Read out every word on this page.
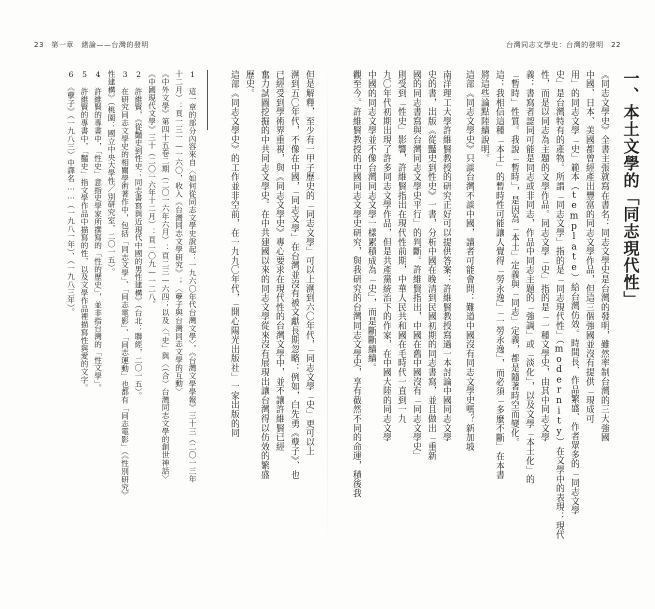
23　第一章　緒論——台灣的發明	台灣同志文學史：台灣的發明　22
一、本土文學的「同志現代性」
《同志文學史》全書主張就寫在書名：同志文學史是台灣的發明，雖然率制台灣的三大強國
中國、日本、美國都曾經產出豐富的同志文學作品，但這三個強國並沒有提供「現成可
用」的同志文學「史」範本（template）給台灣仿效。時間長、作品繁盛、作者眾多的「同志文學
史」是台灣特有的產物。所謂「同志文學」指的是「同志現代性」（modernity）在文學中的表現：現代
性，而是以同志為主題的文學作品。同志文學「史」指的是「一種文學史，由其中同志文學
義：書寫者認同可能是同志或非同志，作品中同志主題的「強調」或「淡化」，以及文學「本土化」的
「暫時」性質。我說「暫時」，是因為「本土」定義與「同志」定義，都是隨著時空而變化。
這：我相信這種「本土」的暫時性可能讓人覺得「勞永逸」「一勞永逸」，而必須「多麼不斷」在本書
將這些論點陸續說明。
這部《同志文學史》只談台灣不談中國，讀者可能會問：難道中國沒有同志文學史嗎？新加坡
南洋理工大學許維賢教授的研究正好可以提供答案：許維賢教授寫過一本討論中國同志文學
史的書，出版《從豔史到性史》一書，分析中國在晚清到民國初期的同志書寫，並且做出「重新
國的同志書寫與台灣同志文學史平行」的判斷。許維賢指出，中國在舊中國沒有「同志文學史」
則受到「性史」影響，許維賢指出在現代性前期，中華人民共和國在毛時代一直到一九
九〇年代初期出現了許多同志文學作品，但是共產黨統治下的作家，在中國大陸的同志文學
中國的同志文學並不像台灣同志文學一樣累積成為「史」，而是斷斷續續。
觀至今。許維賢教授的中國同志文學史研究，與我研究的台灣同志文學史，享有截然不同的命運，積後我
但是解釋，至少有一甲子歷史的「同志文學」可以上溯到六〇年代，「同志文學「史」更可以上
溯到五〇年代，不像在中國，「同志文學」在台灣並沒有被文獻長期忽略：例如，白先勇《孽子》、也
已經受到學術界重視，與《同志文學史》專心要求在現代性的台灣文學中，並不讓許維賢已經
奮力試圖挖掘的中共同志文學史。在中共建國以來的同志文學從來沒有展現出讓台灣得以仿效的繁盛
歷史。
這部《同志文學史》的工作並非空前，在一九九〇年代，「開心陽光出版社」一家出版的同
1　這一章的部分內容來自〈如何從同志文學史說起：一九六〇年代台灣文學〉，《台灣文學學報》三十三（二〇一三年
十二月）：頁一三一—一六〇，收入《台灣同志文學研究》；〈孽子與台灣同志文學的互動〉
《中外文學》第四十五卷二期（二〇一六年六月）：頁二三—六四；以及〈「史」與〈（合）台灣同志文學的創世神話〉
《中國現代文學》三十（二〇一六年十二月）：頁一〇九—一二八。
2　許維賢，《從豔史到性史：同志書寫與近現代中國的男性建構》（台北：聯經，二〇一五）。
3　在研究同志文學史的相關學術著作中，包括「同志文學」、「同志電影」、「同志運動」也都有「同志電影」（《性別研究》
性建構》（桃園：國立中央大學性／別研究室，二〇一五）。
4　許維賢的專書中，「性史」意指史學家所撰寫的「性的歷史」，並非指台灣的「性文學」。
5　許維賢的專書中，「豔史」指文學作品中描寫的性，以及文學作品裡描寫性與愛的文字。
6　《孽子》（一九八三）中譯名……（一九八一年）、（一九八三年）。
